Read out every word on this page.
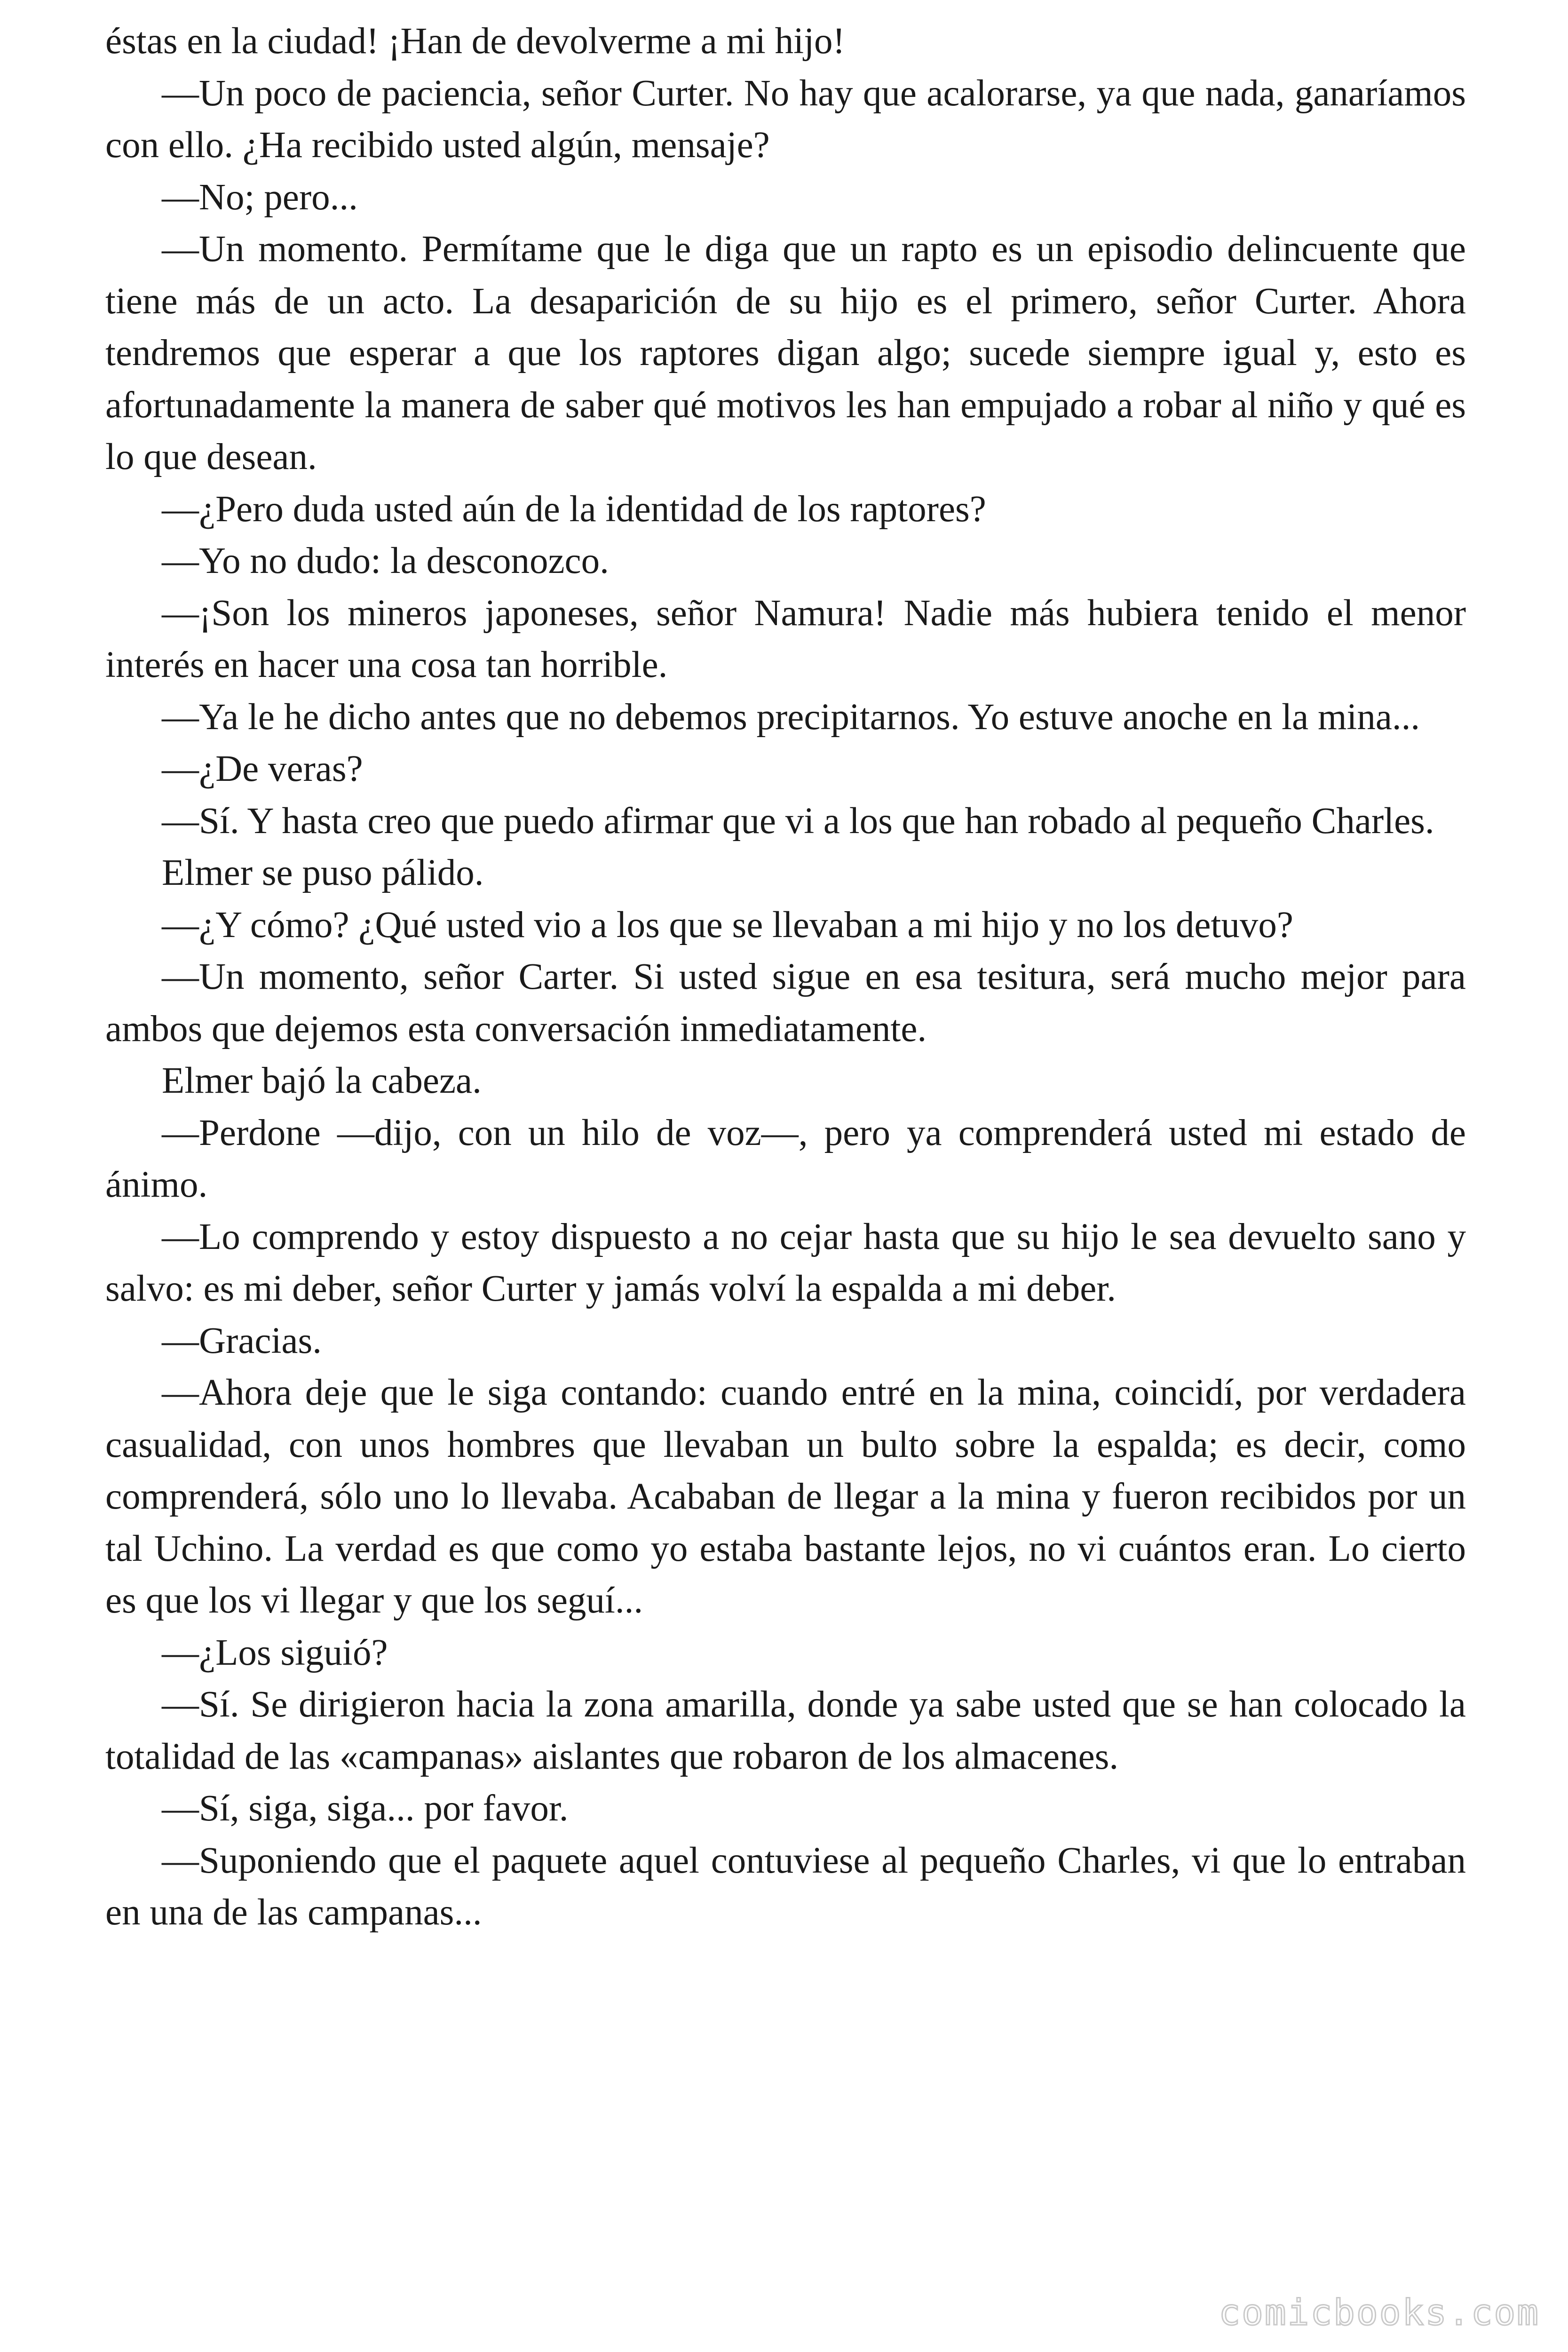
éstas en la ciudad! ¡Han de devolverme a mi hijo!

—Un poco de paciencia, señor Curter. No hay que acalorarse, ya que nada, ganaríamos con ello. ¿Ha recibido usted algún, mensaje?

—No; pero...

—Un momento. Permítame que le diga que un rapto es un episodio delincuente que tiene más de un acto. La desaparición de su hijo es el primero, señor Curter. Ahora tendremos que esperar a que los raptores digan algo; sucede siempre igual y, esto es afortunadamente la manera de saber qué motivos les han empujado a robar al niño y qué es lo que desean.

—¿Pero duda usted aún de la identidad de los raptores?

—Yo no dudo: la desconozco.

—¡Son los mineros japoneses, señor Namura! Nadie más hubiera tenido el menor interés en hacer una cosa tan horrible.

—Ya le he dicho antes que no debemos precipitarnos. Yo estuve anoche en la mina...

—¿De veras?

—Sí. Y hasta creo que puedo afirmar que vi a los que han robado al pequeño Charles.

Elmer se puso pálido.

—¿Y cómo? ¿Qué usted vio a los que se llevaban a mi hijo y no los detuvo?

—Un momento, señor Carter. Si usted sigue en esa tesitura, será mucho mejor para ambos que dejemos esta conversación inmediatamente.

Elmer bajó la cabeza.

—Perdone —dijo, con un hilo de voz—, pero ya comprenderá usted mi estado de ánimo.

—Lo comprendo y estoy dispuesto a no cejar hasta que su hijo le sea devuelto sano y salvo: es mi deber, señor Curter y jamás volví la espalda a mi deber.

—Gracias.

—Ahora deje que le siga contando: cuando entré en la mina, coincidí, por verdadera casualidad, con unos hombres que llevaban un bulto sobre la espalda; es decir, como comprenderá, sólo uno lo llevaba. Acababan de llegar a la mina y fueron recibidos por un tal Uchino. La verdad es que como yo estaba bastante lejos, no vi cuántos eran. Lo cierto es que los vi llegar y que los seguí...

—¿Los siguió?

—Sí. Se dirigieron hacia la zona amarilla, donde ya sabe usted que se han colocado la totalidad de las «campanas» aislantes que robaron de los almacenes.

—Sí, siga, siga... por favor.

—Suponiendo que el paquete aquel contuviese al pequeño Charles, vi que lo entraban en una de las campanas...

comicbooks.com
